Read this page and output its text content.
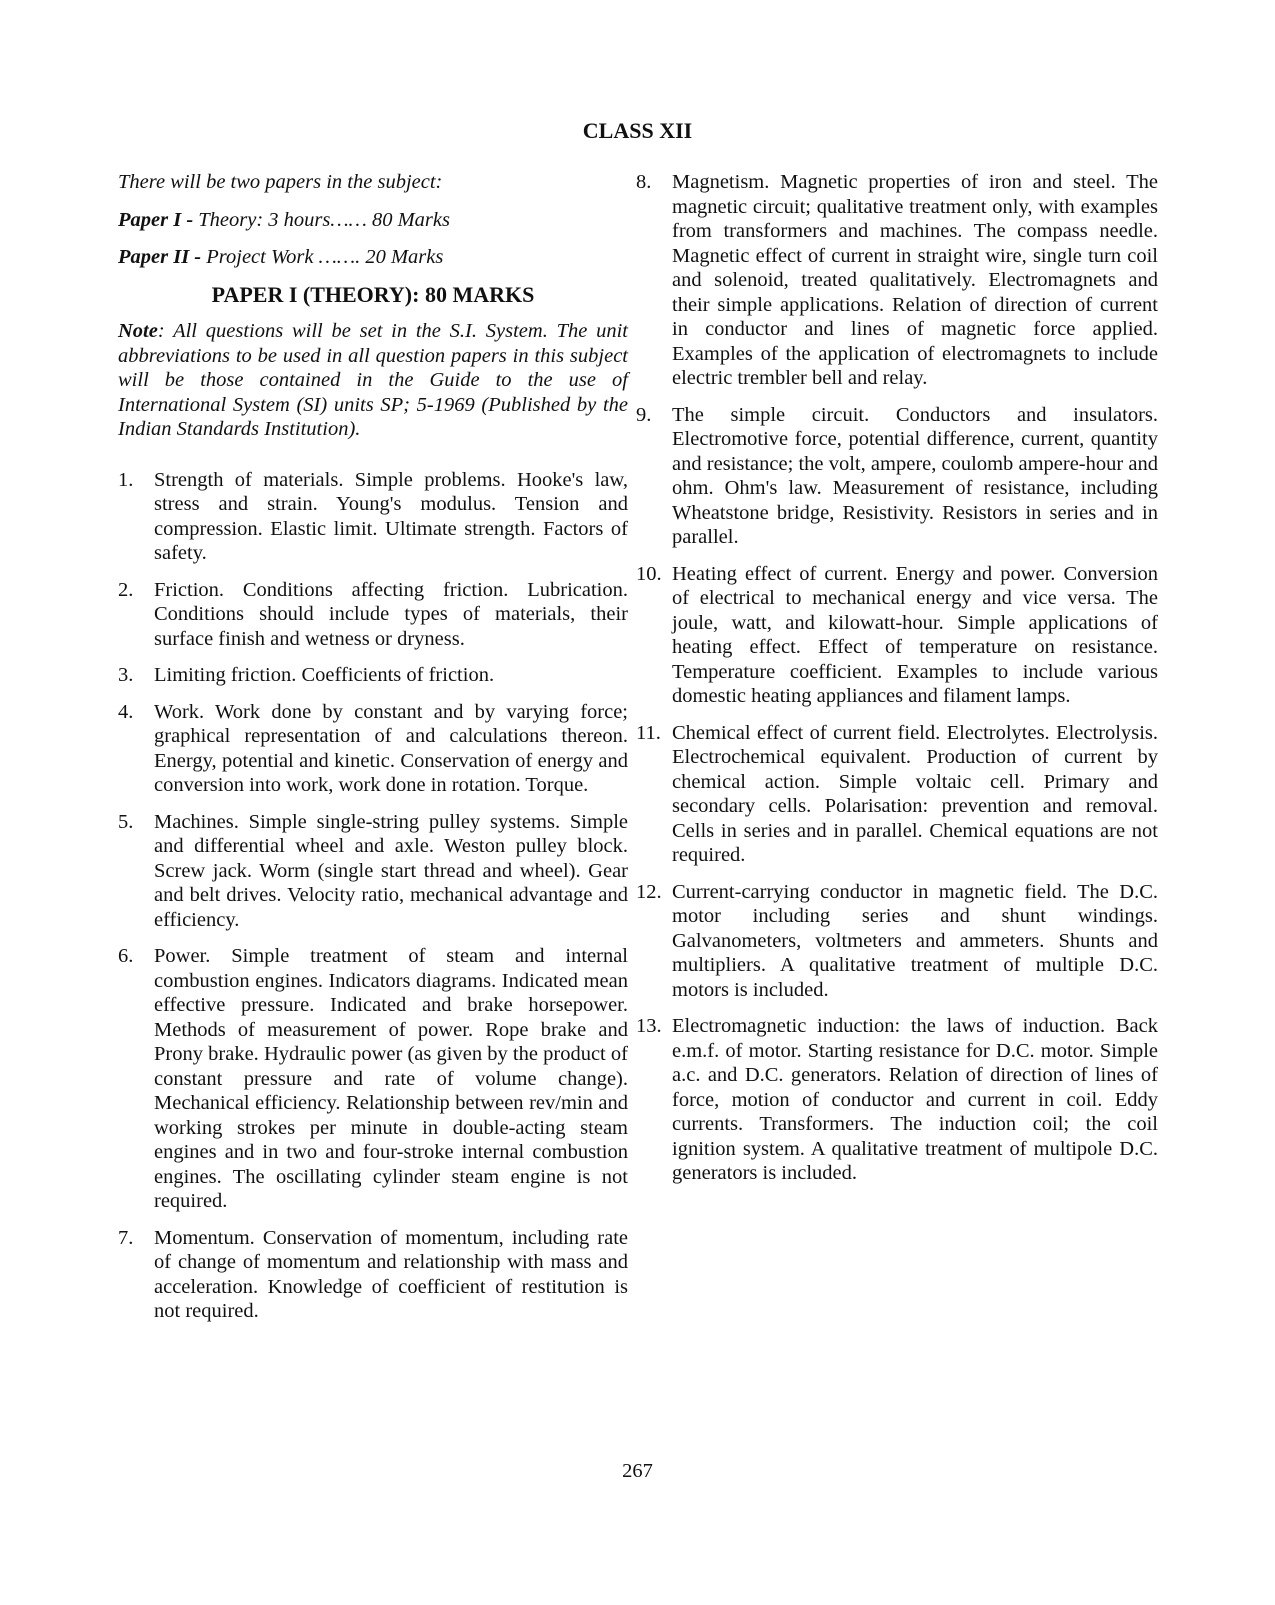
CLASS XII

There will be two papers in the subject:

Paper I - Theory: 3 hours…… 80 Marks

Paper II - Project Work ……. 20 Marks

PAPER I (THEORY): 80 MARKS

Note: All questions will be set in the S.I. System. The unit abbreviations to be used in all question papers in this subject will be those contained in the Guide to the use of International System (SI) units SP; 5-1969 (Published by the Indian Standards Institution).

1.	Strength of materials. Simple problems. Hooke's law, stress and strain. Young's modulus. Tension and compression. Elastic limit. Ultimate strength. Factors of safety.
2.	Friction. Conditions affecting friction. Lubrication. Conditions should include types of materials, their surface finish and wetness or dryness.
3.	Limiting friction. Coefficients of friction.
4.	Work. Work done by constant and by varying force; graphical representation of and calculations thereon. Energy, potential and kinetic. Conservation of energy and conversion into work, work done in rotation. Torque.
5.	Machines. Simple single-string pulley systems. Simple and differential wheel and axle. Weston pulley block. Screw jack. Worm (single start thread and wheel). Gear and belt drives. Velocity ratio, mechanical advantage and efficiency.
6.	Power. Simple treatment of steam and internal combustion engines. Indicators diagrams. Indicated mean effective pressure. Indicated and brake horsepower. Methods of measurement of power. Rope brake and Prony brake. Hydraulic power (as given by the product of constant pressure and rate of volume change). Mechanical efficiency. Relationship between rev/min and working strokes per minute in double-acting steam engines and in two and four-stroke internal combustion engines. The oscillating cylinder steam engine is not required.
7.	Momentum. Conservation of momentum, including rate of change of momentum and relationship with mass and acceleration. Knowledge of coefficient of restitution is not required.
8.	Magnetism. Magnetic properties of iron and steel. The magnetic circuit; qualitative treatment only, with examples from transformers and machines. The compass needle. Magnetic effect of current in straight wire, single turn coil and solenoid, treated qualitatively. Electromagnets and their simple applications. Relation of direction of current in conductor and lines of magnetic force applied. Examples of the application of electromagnets to include electric trembler bell and relay.
9.	The simple circuit. Conductors and insulators. Electromotive force, potential difference, current, quantity and resistance; the volt, ampere, coulomb ampere-hour and ohm. Ohm's law. Measurement of resistance, including Wheatstone bridge, Resistivity. Resistors in series and in parallel.
10. Heating effect of current. Energy and power. Conversion of electrical to mechanical energy and vice versa. The joule, watt, and kilowatt-hour. Simple applications of heating effect. Effect of temperature on resistance. Temperature coefficient. Examples to include various domestic heating appliances and filament lamps.
11. Chemical effect of current field. Electrolytes. Electrolysis. Electrochemical equivalent. Production of current by chemical action. Simple voltaic cell. Primary and secondary cells. Polarisation: prevention and removal. Cells in series and in parallel. Chemical equations are not required.
12. Current-carrying conductor in magnetic field. The D.C. motor including series and shunt windings. Galvanometers, voltmeters and ammeters. Shunts and multipliers. A qualitative treatment of multiple D.C. motors is included.
13. Electromagnetic induction: the laws of induction. Back e.m.f. of motor. Starting resistance for D.C. motor. Simple a.c. and D.C. generators. Relation of direction of lines of force, motion of conductor and current in coil. Eddy currents. Transformers. The induction coil; the coil ignition system. A qualitative treatment of multipole D.C. generators is included.
267
